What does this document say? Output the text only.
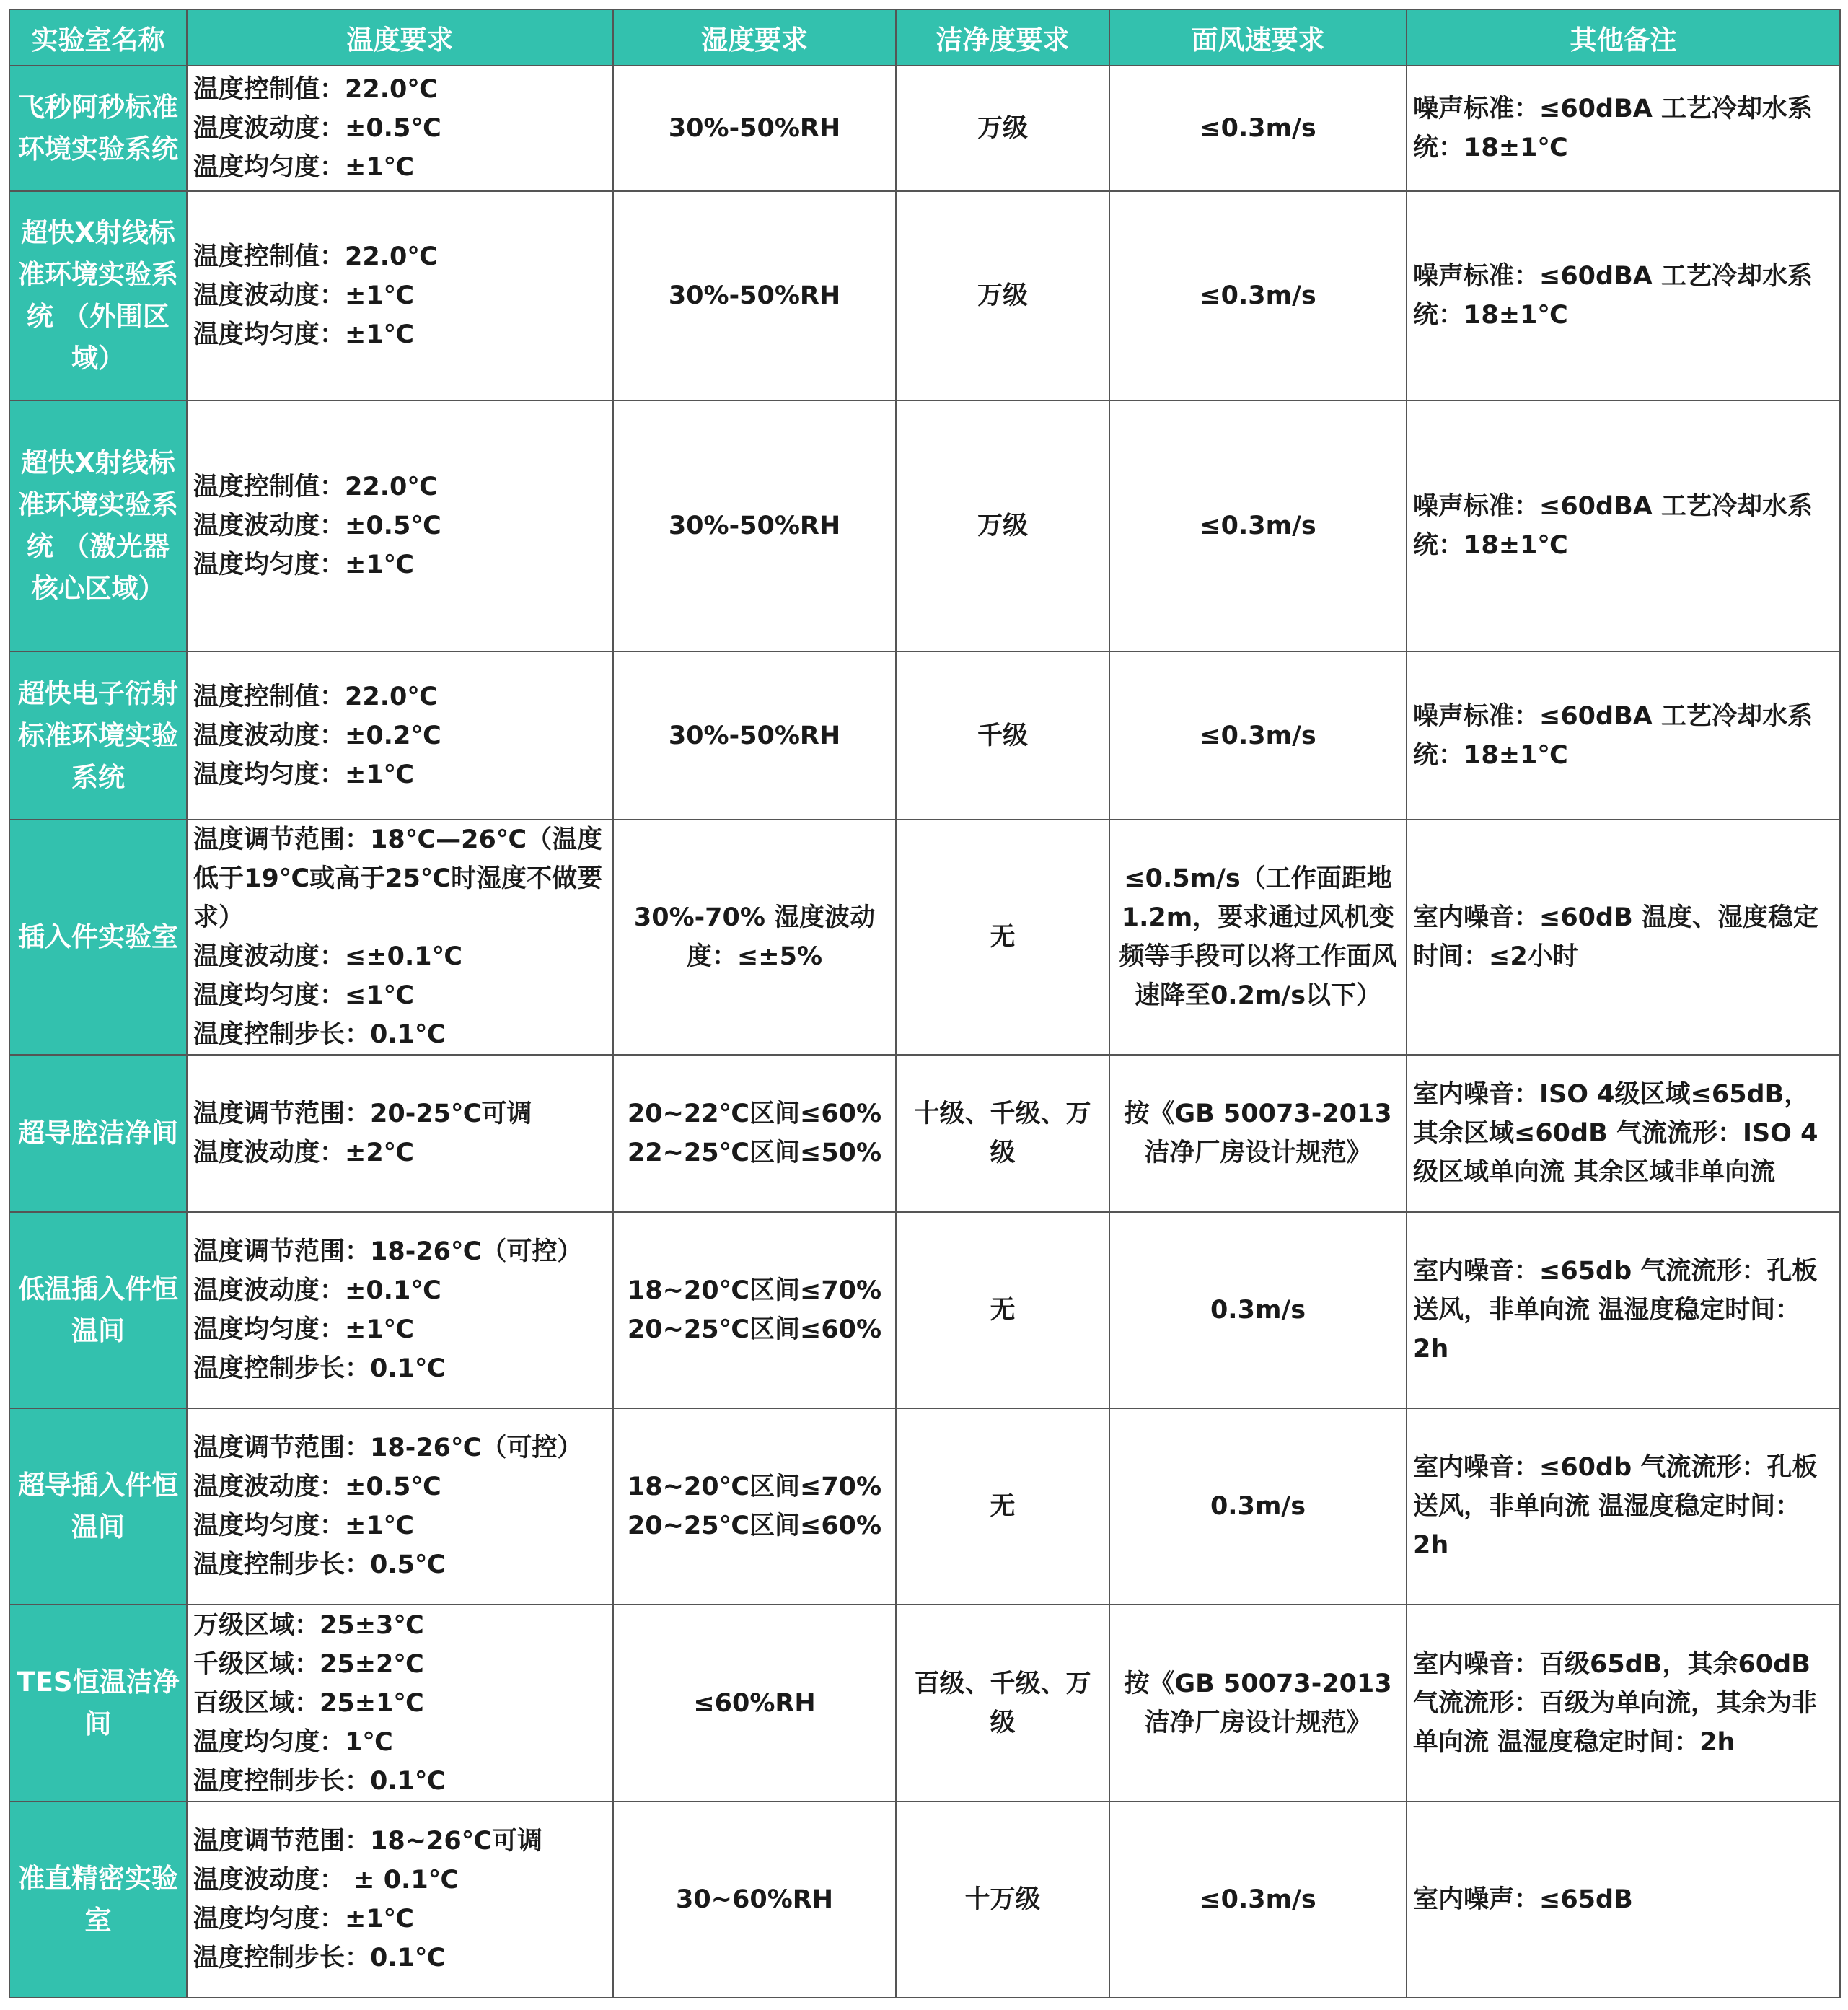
实验室名称	温度要求	湿度要求	洁净度要求	面风速要求	其他备注
飞秒阿秒标准环境实验系统	温度控制值：22.0℃
温度波动度：±0.5℃
温度均匀度：±1℃	30%-50%RH	万级	≤0.3m/s	噪声标准：≤60dBA 工艺冷却水系统：18±1℃
超快X射线标准环境实验系统 （外围区域）	温度控制值：22.0℃
温度波动度：±1℃
温度均匀度：±1℃	30%-50%RH	万级	≤0.3m/s	噪声标准：≤60dBA 工艺冷却水系统：18±1℃
超快X射线标准环境实验系统 （激光器核心区域）	温度控制值：22.0℃
温度波动度：±0.5℃
温度均匀度：±1℃	30%-50%RH	万级	≤0.3m/s	噪声标准：≤60dBA 工艺冷却水系统：18±1℃
超快电子衍射标准环境实验系统	温度控制值：22.0℃
温度波动度：±0.2℃
温度均匀度：±1℃	30%-50%RH	千级	≤0.3m/s	噪声标准：≤60dBA 工艺冷却水系统：18±1℃
插入件实验室	温度调节范围：18℃—26℃（温度低于19℃或高于25℃时湿度不做要求）
温度波动度：≤±0.1℃
温度均匀度：≤1℃
温度控制步长：0.1℃	30%-70% 湿度波动度：≤±5%	无	≤0.5m/s（工作面距地1.2m，要求通过风机变频等手段可以将工作面风速降至0.2m/s以下）	室内噪音：≤60dB 温度、湿度稳定时间：≤2小时
超导腔洁净间	温度调节范围：20-25℃可调
温度波动度：±2℃	20~22℃区间≤60%
22~25℃区间≤50%	十级、千级、万级	按《GB 50073-2013洁净厂房设计规范》	室内噪音：ISO 4级区域≤65dB，其余区域≤60dB 气流流形：ISO 4级区域单向流 其余区域非单向流
低温插入件恒温间	温度调节范围：18-26℃（可控）
温度波动度：±0.1℃
温度均匀度：±1℃
温度控制步长：0.1℃	18~20℃区间≤70%
20~25℃区间≤60%	无	0.3m/s	室内噪音：≤65db 气流流形：孔板送风，非单向流 温湿度稳定时间：2h
超导插入件恒温间	温度调节范围：18-26℃（可控）
温度波动度：±0.5℃
温度均匀度：±1℃
温度控制步长：0.5℃	18~20℃区间≤70%
20~25℃区间≤60%	无	0.3m/s	室内噪音：≤60db 气流流形：孔板送风，非单向流 温湿度稳定时间：2h
TES恒温洁净间	万级区域：25±3℃
千级区域：25±2℃
百级区域：25±1℃
温度均匀度：1℃
温度控制步长：0.1℃	≤60%RH	百级、千级、万级	按《GB 50073-2013洁净厂房设计规范》	室内噪音：百级65dB，其余60dB 气流流形：百级为单向流，其余为非单向流 温湿度稳定时间：2h
准直精密实验室	温度调节范围：18~26℃可调
温度波动度： ± 0.1℃
温度均匀度：±1℃
温度控制步长：0.1℃	30~60%RH	十万级	≤0.3m/s	室内噪声：≤65dB
